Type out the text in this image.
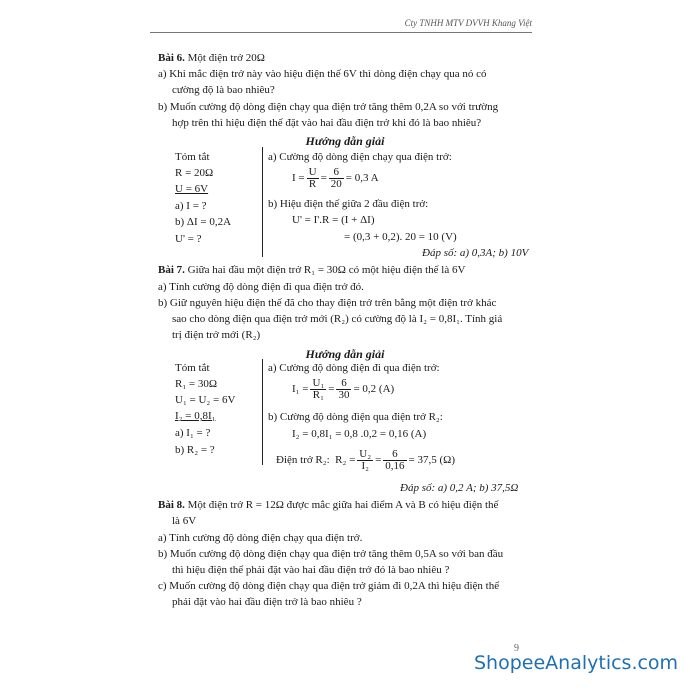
Cty TNHH MTV DVVH Khang Việt
Bài 6. Một điện trở 20Ω
a) Khi mắc điện trở này vào hiệu điện thế 6V thì dòng điện chạy qua nó có
cường độ là bao nhiêu?
b) Muốn cường độ dòng điện chạy qua điện trở tăng thêm 0,2A so với trường
hợp trên thì hiệu điện thế đặt vào hai đầu điện trở khi đó là bao nhiêu?
Hướng dẫn giải
Tóm tắt
R = 20Ω
U = 6V
a) I = ?
b) ΔI = 0,2A
U' = ?
a) Cường độ dòng điện chạy qua điện trở:
$I = \frac{U}{R} = \frac{6}{20} = 0,3$ A
b) Hiệu điện thế giữa 2 đầu điện trở:
U' = I'.R = (I + ΔI)
= (0,3 + 0,2). 20 = 10 (V)
Đáp số: a) 0,3A; b) 10V
Bài 7. Giữa hai đầu một điện trở R₁ = 30Ω có một hiệu điện thế là 6V
a) Tính cường độ dòng điện đi qua điện trở đó.
b) Giữ nguyên hiệu điện thế đã cho thay điện trở trên bằng một điện trở khác
sao cho dòng điện qua điện trở mới (R₂) có cường độ là I₂ = 0,8I₁. Tính giá
trị điện trở mới (R₂)
Hướng dẫn giải
Tóm tắt
R₁ = 30Ω
U₁ = U₂ = 6V
I₂ = 0,8I₁
a) I₁ = ?
b) R₂ = ?
a) Cường độ dòng điện đi qua điện trở:
$I_1 = \frac{\text{U₁}}{\text{R₁}} = \frac{6}{30} = 0,2$ (A)
b) Cường độ dòng điện qua điện trở R₂:
I₂ = 0,8I₁ = 0,8 .0,2 = 0,16 (A)
Điện trở R₂: $R_2 = \frac{\text{U₂}}{\text{I₂}} = \frac{6}{0,16} = 37,5$ (Ω)
Đáp số: a) 0,2 A; b) 37,5Ω
Bài 8. Một điện trở R = 12Ω được mắc giữa hai điểm A và B có hiệu điện thế
là 6V
a) Tính cường độ dòng điện chạy qua điện trở.
b) Muốn cường độ dòng điện chạy qua điện trở tăng thêm 0,5A so với ban đầu
thì hiệu điện thế phải đặt vào hai đầu điện trở đó là bao nhiêu ?
c) Muốn cường độ dòng điện chạy qua điện trở giảm đi 0,2A thì hiệu điện thế
phải đặt vào hai đầu điện trở là bao nhiêu ?
9
ShopeeAnalytics.com
